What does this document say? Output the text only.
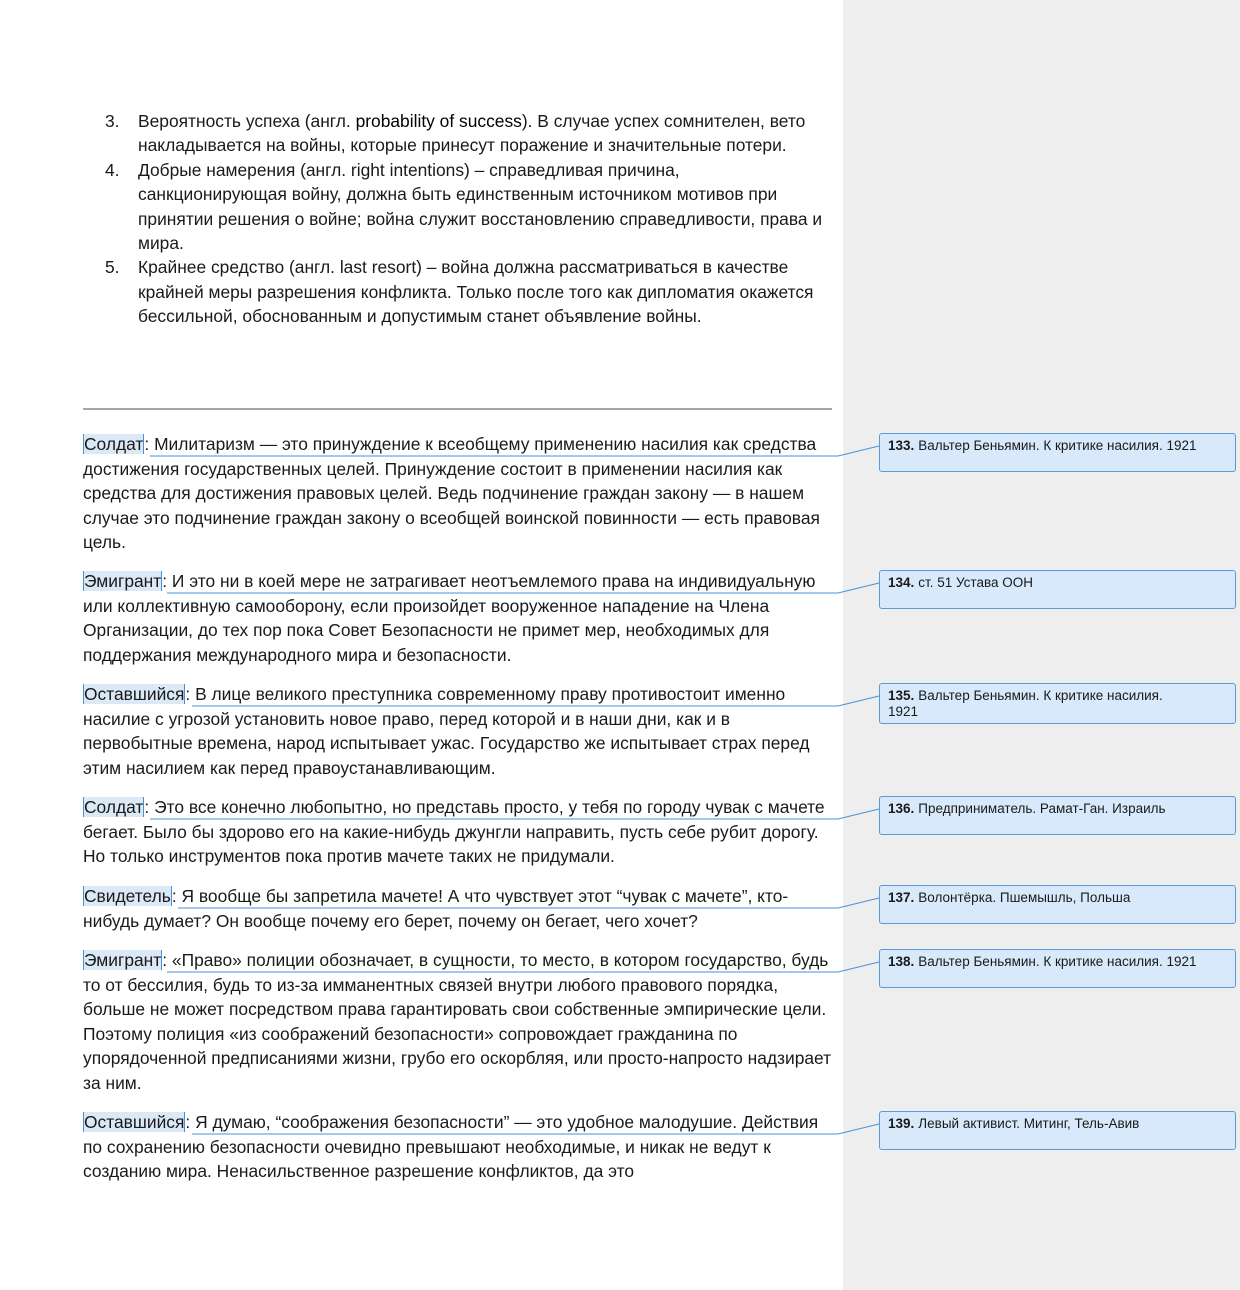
3.	Вероятность успеха (англ. probability of success). В случае успех сомнителен, вето накладывается на войны, которые принесут поражение и значительные потери.
4.	Добрые намерения (англ. right intentions) – справедливая причина, санкционирующая войну, должна быть единственным источником мотивов при принятии решения о войне; война служит восстановлению справедливости, права и мира.
5.	Крайнее средство (англ. last resort) – война должна рассматриваться в качестве крайней меры разрешения конфликта. Только после того как дипломатия окажется бессильной, обоснованным и допустимым станет объявление войны.

Солдат: Милитаризм — это принуждение к всеобщему применению насилия как средства достижения государственных целей. Принуждение состоит в применении насилия как средства для достижения правовых целей. Ведь подчинение граждан закону — в нашем случае это подчинение граждан закону о всеобщей воинской повинности — есть правовая цель.

Эмигрант: И это ни в коей мере не затрагивает неотъемлемого права на индивидуальную или коллективную самооборону, если произойдет вооруженное нападение на Члена Организации, до тех пор пока Совет Безопасности не примет мер, необходимых для поддержания международного мира и безопасности.

Оставшийся: В лице великого преступника современному праву противостоит именно насилие с угрозой установить новое право, перед которой и в наши дни, как и в первобытные времена, народ испытывает ужас. Государство же испытывает страх перед этим насилием как перед правоустанавливающим.

Солдат: Это все конечно любопытно, но представь просто, у тебя по городу чувак с мачете бегает. Было бы здорово его на какие-нибудь джунгли направить, пусть себе рубит дорогу. Но только инструментов пока против мачете таких не придумали.

Свидетель: Я вообще бы запретила мачете! А что чувствует этот “чувак с мачете”, кто-нибудь думает? Он вообще почему его берет, почему он бегает, чего хочет?

Эмигрант: «Право» полиции обозначает, в сущности, то место, в котором государство, будь то от бессилия, будь то из-за имманентных связей внутри любого правового порядка, больше не может посредством права гарантировать свои собственные эмпирические цели. Поэтому полиция «из соображений безопасности» сопровождает гражданина по упорядоченной предписаниями жизни, грубо его оскорбляя, или просто-напросто надзирает за ним.

Оставшийся: Я думаю, “соображения безопасности” — это удобное малодушие. Действия по сохранению безопасности очевидно превышают необходимые, и никак не ведут к созданию мира. Ненасильственное разрешение конфликтов, да это

133. Вальтер Беньямин. К критике насилия. 1921
134. ст. 51 Устава ООН
135. Вальтер Беньямин. К критике насилия. 1921
136. Предприниматель. Рамат-Ган. Израиль
137. Волонтёрка. Пшемышль, Польша
138. Вальтер Беньямин. К критике насилия. 1921
139. Левый активист. Митинг, Тель-Авив
